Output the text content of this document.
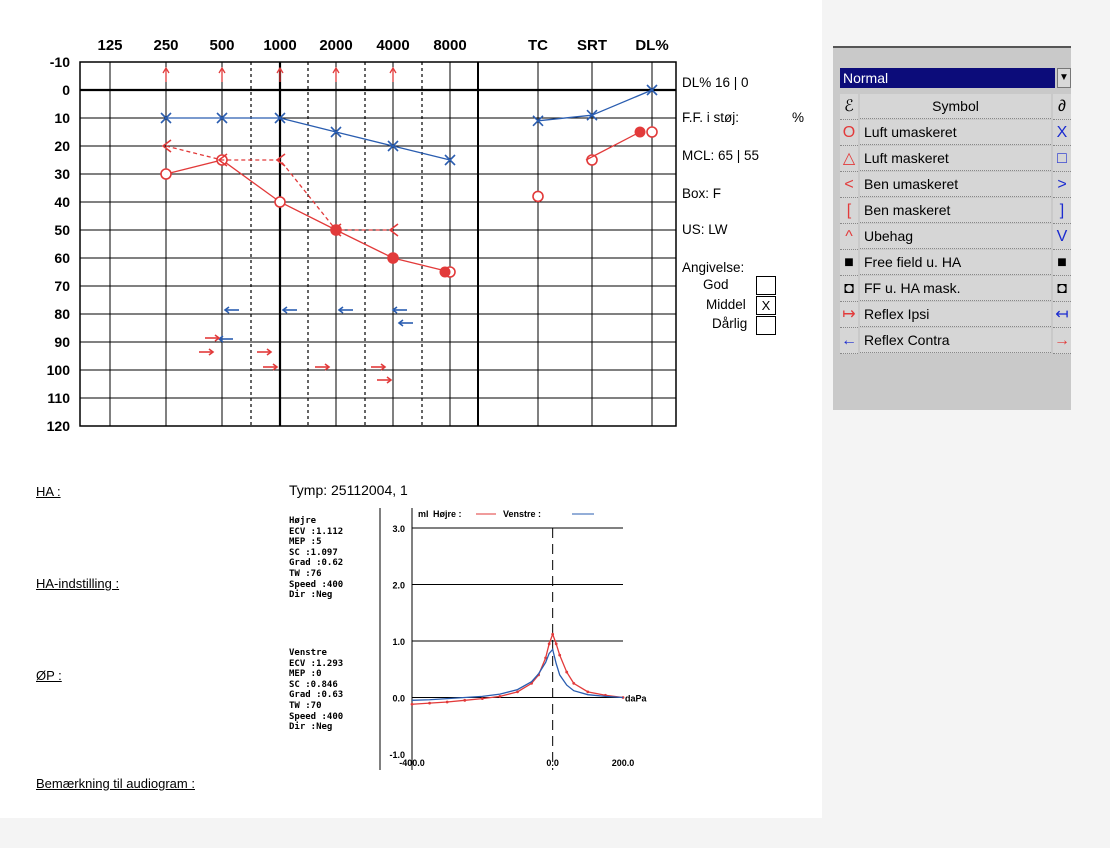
-10
0
10
20
30
40
50
60
70
80
90
100
110
120
125 250 500 1000 2000 4000 8000	TC SRT DL%
DL% 16 | 0
F.F. i støj:	%
MCL: 65 | 55
Box: F
US: LW
Angivelse:
God
Middel	X
Dårlig
HA :
HA-indstilling :
ØP :
Bemærkning til audiogram :
Tymp: 25112004, 1
Højre
ECV :1.112
MEP :5
SC :1.097
Grad :0.62
TW :76
Speed :400
Dir :Neg
Venstre
ECV :1.293
MEP :0
SC :0.846
Grad :0.63
TW :70
Speed :400
Dir :Neg
3.0
2.0
1.0
0.0
-1.0
-400.0	0.0	200.0
daPa
ml Højre :	Venstre :
Normal	▼
ℰ	Symbol	∂
O Luft umaskeret	X
△ Luft maskeret	□
< Ben umaskeret	>
[ Ben maskeret	]
^ Ubehag	V
■ Free field u. HA	■
◘ FF u. HA mask.	◘
↦ Reflex Ipsi	↤
← Reflex Contra	→
